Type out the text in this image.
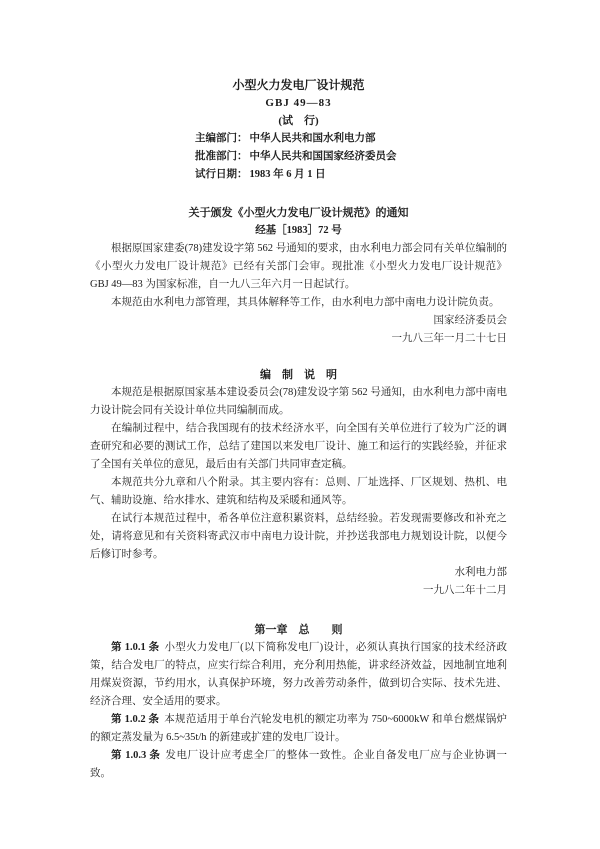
小型火力发电厂设计规范
GBJ 49—83
(试　行)
主编部门： 中华人民共和国水利电力部
批准部门： 中华人民共和国国家经济委员会
试行日期： 1983 年 6 月 1 日
关于颁发《小型火力发电厂设计规范》的通知
经基［1983］72 号

根据原国家建委(78)建发设字第 562 号通知的要求，由水利电力部会同有关单位编制的《小型火力发电厂设计规范》已经有关部门会审。现批准《小型火力发电厂设计规范》GBJ 49—83 为国家标准，自一九八三年六月一日起试行。

本规范由水利电力部管理，其具体解释等工作，由水利电力部中南电力设计院负责。

国家经济委员会
一九八三年一月二十七日
编　制　说　明

本规范是根据原国家基本建设委员会(78)建发设字第 562 号通知，由水利电力部中南电力设计院会同有关设计单位共同编制而成。

在编制过程中，结合我国现有的技术经济水平，向全国有关单位进行了较为广泛的调查研究和必要的测试工作，总结了建国以来发电厂设计、施工和运行的实践经验，并征求了全国有关单位的意见，最后由有关部门共同审查定稿。

本规范共分九章和八个附录。其主要内容有：总则、厂址选择、厂区规划、热机、电气、辅助设施、给水排水、建筑和结构及采暖和通风等。

在试行本规范过程中，希各单位注意积累资料，总结经验。若发现需要修改和补充之处，请将意见和有关资料寄武汉市中南电力设计院，并抄送我部电力规划设计院，以便今后修订时参考。

水利电力部
一九八二年十二月
第一章　总　　则

第 1.0.1 条 小型火力发电厂(以下简称发电厂)设计，必须认真执行国家的技术经济政策，结合发电厂的特点，应实行综合利用，充分利用热能，讲求经济效益，因地制宜地利用煤炭资源，节约用水，认真保护环境，努力改善劳动条件，做到切合实际、技术先进、经济合理、安全适用的要求。

第 1.0.2 条 本规范适用于单台汽轮发电机的额定功率为 750~6000kW 和单台燃煤锅炉的额定蒸发量为 6.5~35t/h 的新建或扩建的发电厂设计。

第 1.0.3 条 发电厂设计应考虑全厂的整体一致性。企业自备发电厂应与企业协调一致。
